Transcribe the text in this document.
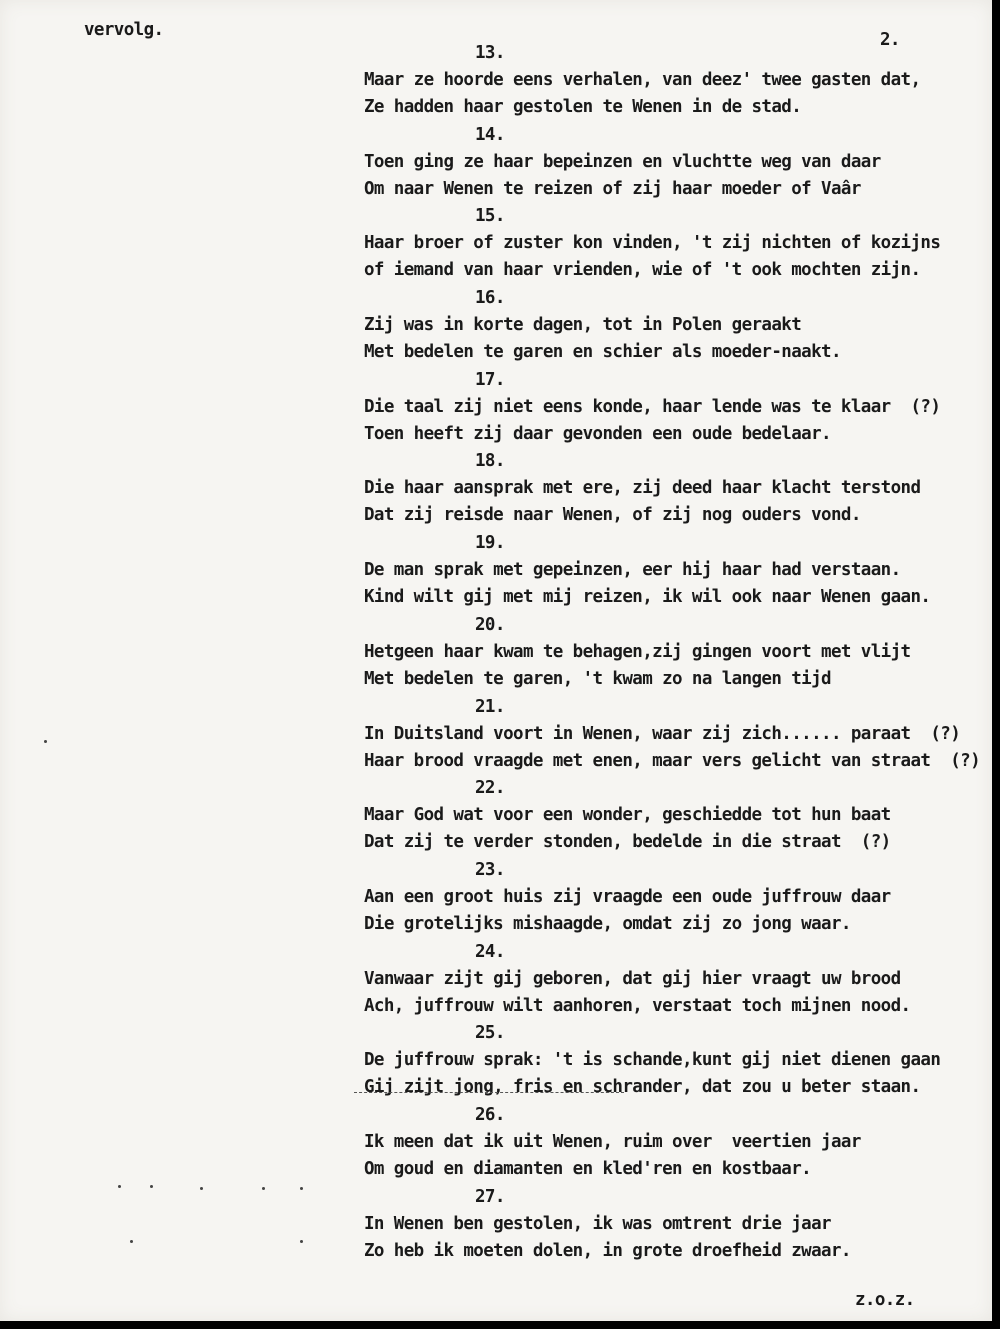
vervolg.	2.
13.
Maar ze hoorde eens verhalen, van deez' twee gasten dat,
Ze hadden haar gestolen te Wenen in de stad.
14.
Toen ging ze haar bepeinzen en vluchtte weg van daar
Om naar Wenen te reizen of zij haar moeder of Vaâr
15.
Haar broer of zuster kon vinden, 't zij nichten of kozijns
of iemand van haar vrienden, wie of 't ook mochten zijn.
16.
Zij was in korte dagen, tot in Polen geraakt
Met bedelen te garen en schier als moeder-naakt.
17.
Die taal zij niet eens konde, haar lende was te klaar  (?)
Toen heeft zij daar gevonden een oude bedelaar.
18.
Die haar aansprak met ere, zij deed haar klacht terstond
Dat zij reisde naar Wenen, of zij nog ouders vond.
19.
De man sprak met gepeinzen, eer hij haar had verstaan.
Kind wilt gij met mij reizen, ik wil ook naar Wenen gaan.
20.
Hetgeen haar kwam te behagen,zij gingen voort met vlijt
Met bedelen te garen, 't kwam zo na langen tijd
21.
In Duitsland voort in Wenen, waar zij zich...... paraat  (?)
Haar brood vraagde met enen, maar vers gelicht van straat  (?)
22.
Maar God wat voor een wonder, geschiedde tot hun baat
Dat zij te verder stonden, bedelde in die straat  (?)
23.
Aan een groot huis zij vraagde een oude juffrouw daar
Die grotelijks mishaagde, omdat zij zo jong waar.
24.
Vanwaar zijt gij geboren, dat gij hier vraagt uw brood
Ach, juffrouw wilt aanhoren, verstaat toch mijnen nood.
25.
De juffrouw sprak: 't is schande,kunt gij niet dienen gaan
Gij zijt jong, fris en schrander, dat zou u beter staan.
26.
Ik meen dat ik uit Wenen, ruim over  veertien jaar
Om goud en diamanten en kled'ren en kostbaar.
27.
In Wenen ben gestolen, ik was omtrent drie jaar
Zo heb ik moeten dolen, in grote droefheid zwaar.
z.o.z.
